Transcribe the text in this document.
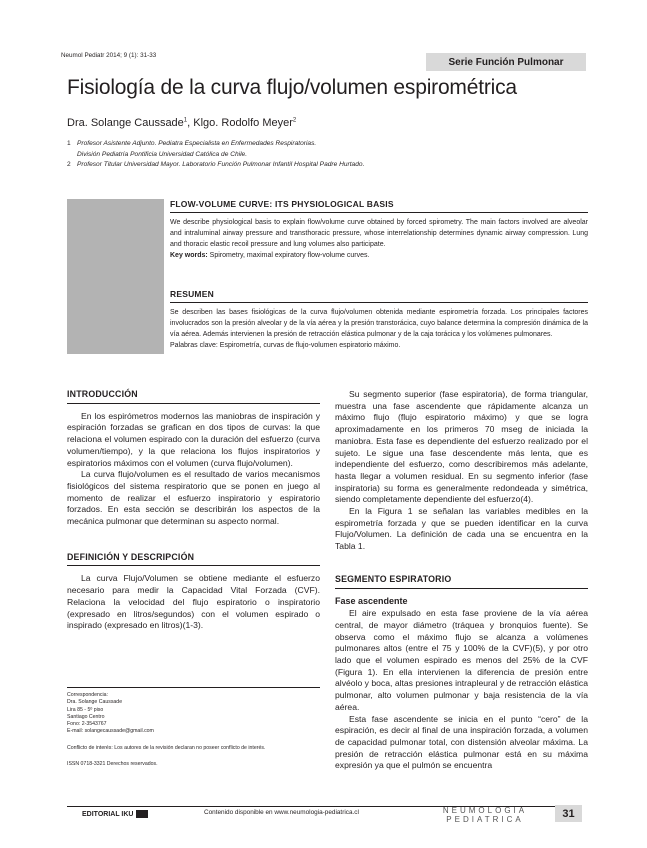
Neumol Pediatr 2014; 9 (1): 31-33
Serie Función Pulmonar
Fisiología de la curva flujo/volumen espirométrica
Dra. Solange Caussade$^1$, Klgo. Rodolfo Meyer$^2$
1 Profesor Asistente Adjunto. Pediatra Especialista en Enfermedades Respiratorias.
División Pediatría Pontificia Universidad Católica de Chile.
2 Profesor Titular Universidad Mayor. Laboratorio Función Pulmonar Infantil Hospital Padre Hurtado.
FLOW-VOLUME CURVE: ITS PHYSIOLOGICAL BASIS
We describe physiological basis to explain flow/volume curve obtained by forced spirometry. The main factors involved are alveolar and intraluminal airway pressure and transthoracic pressure, whose interrelationship determines dynamic airway compression. Lung and thoracic elastic recoil pressure and lung volumes also participate.
Key words: Spirometry, maximal expiratory flow-volume curves.
RESUMEN
Se describen las bases fisiológicas de la curva flujo/volumen obtenida mediante espirometría forzada. Los principales factores involucrados son la presión alveolar y de la vía aérea y la presión transtorácica, cuyo balance determina la compresión dinámica de la vía aérea. Además intervienen la presión de retracción elástica pulmonar y de la caja torácica y los volúmenes pulmonares.
Palabras clave: Espirometría, curvas de flujo-volumen espiratorio máximo.
INTRODUCCIÓN

En los espirómetros modernos las maniobras de inspiración y espiración forzadas se grafican en dos tipos de curvas: la que relaciona el volumen espirado con la duración del esfuerzo (curva volumen/tiempo), y la que relaciona los flujos inspiratorios y espiratorios máximos con el volumen (curva flujo/volumen).

La curva flujo/volumen es el resultado de varios mecanismos fisiológicos del sistema respiratorio que se ponen en juego al momento de realizar el esfuerzo inspiratorio y espiratorio forzados. En esta sección se describirán los aspectos de la mecánica pulmonar que determinan su aspecto normal.

DEFINICIÓN Y DESCRIPCIÓN

La curva Flujo/Volumen se obtiene mediante el esfuerzo necesario para medir la Capacidad Vital Forzada (CVF). Relaciona la velocidad del flujo espiratorio o inspiratorio (expresado en litros/segundos) con el volumen espirado o inspirado (expresado en litros)(1-3).

Correspondencia:
Dra. Solange Caussade
Lira 85 - 5º piso
Santiago Centro
Fono: 2-3543767
E-mail: solangecaussade@gmail.com
Conflicto de interés: Los autores de la revisión declaran no poseer conflicto de interés.
ISSN 0718-3321 Derechos reservados.

Su segmento superior (fase espiratoria), de forma triangular, muestra una fase ascendente que rápidamente alcanza un máximo flujo (flujo espiratorio máximo) y que se logra aproximadamente en los primeros 70 mseg de iniciada la maniobra. Esta fase es dependiente del esfuerzo realizado por el sujeto. Le sigue una fase descendente más lenta, que es independiente del esfuerzo, como describiremos más adelante, hasta llegar a volumen residual. En su segmento inferior (fase inspiratoria) su forma es generalmente redondeada y simétrica, siendo completamente dependiente del esfuerzo(4).

En la Figura 1 se señalan las variables medibles en la espirometría forzada y que se pueden identificar en la curva Flujo/Volumen. La definición de cada una se encuentra en la Tabla 1.

SEGMENTO ESPIRATORIO
Fase ascendente

El aire expulsado en esta fase proviene de la vía aérea central, de mayor diámetro (tráquea y bronquios fuente). Se observa como el máximo flujo se alcanza a volúmenes pulmonares altos (entre el 75 y 100% de la CVF)(5), y por otro lado que el volumen espirado es menos del 25% de la CVF (Figura 1). En ella intervienen la diferencia de presión entre alvéolo y boca, altas presiones intrapleural y de retracción elástica pulmonar, alto volumen pulmonar y baja resistencia de la vía aérea.

Esta fase ascendente se inicia en el punto “cero” de la espiración, es decir al final de una inspiración forzada, a volumen de capacidad pulmonar total, con distensión alveolar máxima. La presión de retracción elástica pulmonar está en su máxima expresión ya que el pulmón se encuentra

EDITORIAL IKU	Contenido disponible en www.neumologia-pediatrica.cl	NEUMOLOGIA
PEDIATRICA	31
